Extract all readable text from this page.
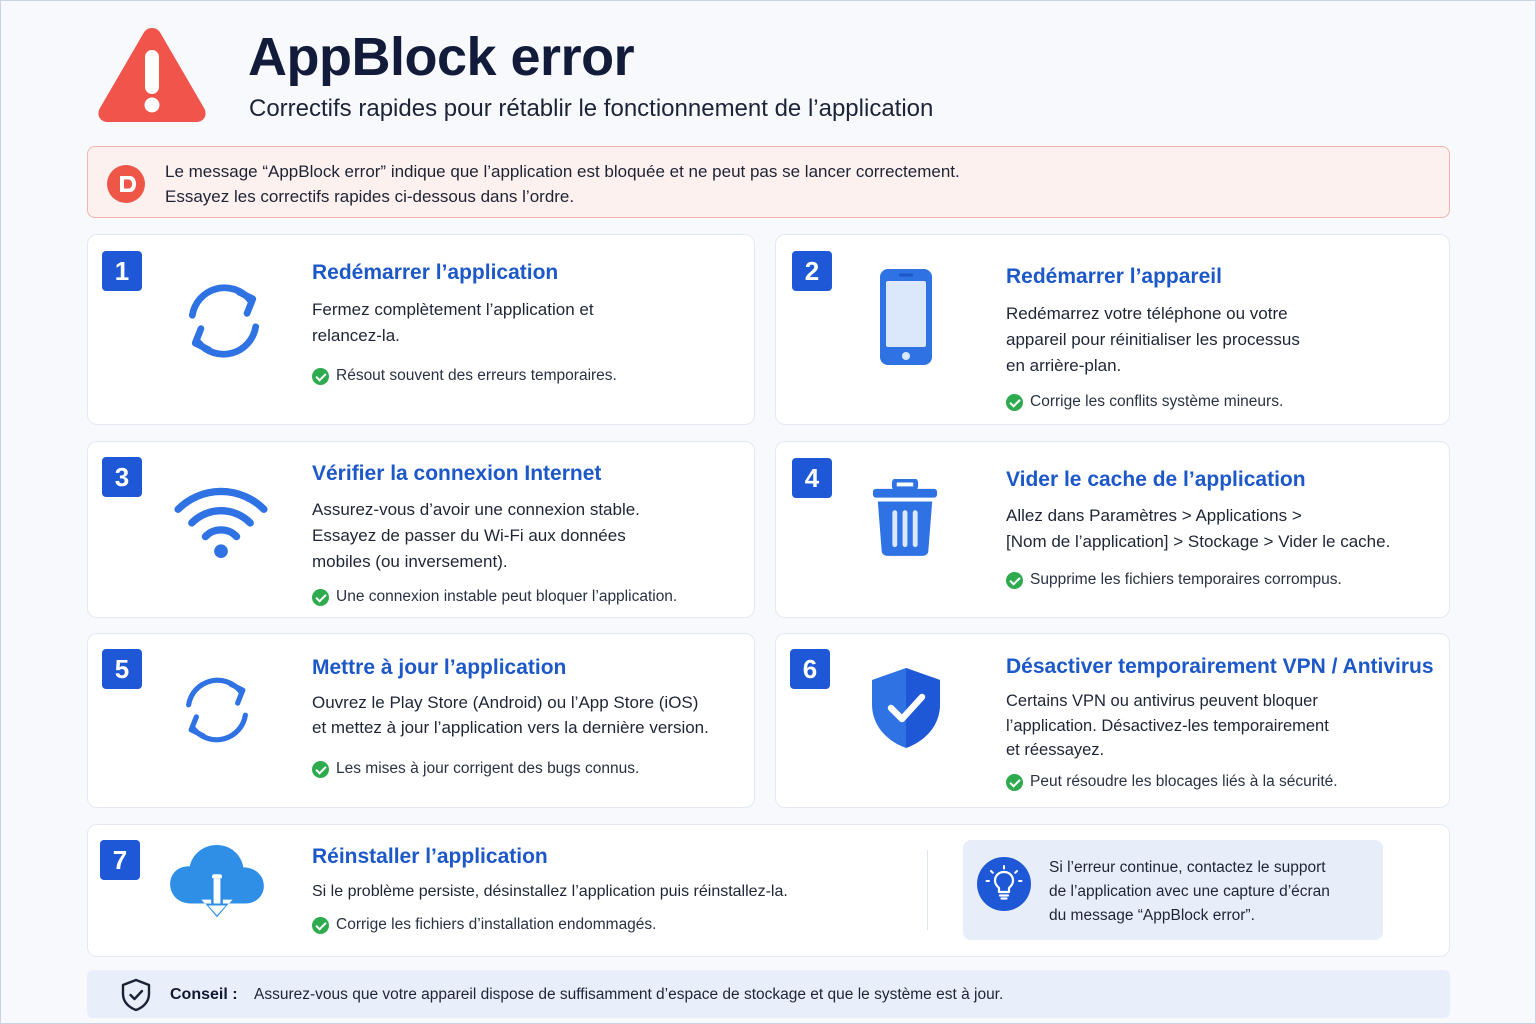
AppBlock error
Correctifs rapides pour rétablir le fonctionnement de l’application
Le message “AppBlock error” indique que l’application est bloquée et ne peut pas se lancer correctement.
Essayez les correctifs rapides ci-dessous dans l’ordre.
1	Redémarrer l’application
Fermez complètement l’application et
relancez-la.
Résout souvent des erreurs temporaires.
2	Redémarrer l’appareil
Redémarrez votre téléphone ou votre
appareil pour réinitialiser les processus
en arrière-plan.
Corrige les conflits système mineurs.
3	Vérifier la connexion Internet
Assurez-vous d’avoir une connexion stable.
Essayez de passer du Wi-Fi aux données
mobiles (ou inversement).
Une connexion instable peut bloquer l’application.
4	Vider le cache de l’application
Allez dans Paramètres > Applications >
[Nom de l’application] > Stockage > Vider le cache.
Supprime les fichiers temporaires corrompus.
5	Mettre à jour l’application
Ouvrez le Play Store (Android) ou l’App Store (iOS)
et mettez à jour l’application vers la dernière version.
Les mises à jour corrigent des bugs connus.
6	Désactiver temporairement VPN / Antivirus
Certains VPN ou antivirus peuvent bloquer
l’application. Désactivez-les temporairement
et réessayez.
Peut résoudre les blocages liés à la sécurité.
7	Réinstaller l’application
Si le problème persiste, désinstallez l’application puis réinstallez-la.
Corrige les fichiers d’installation endommagés.
Si l’erreur continue, contactez le support
de l’application avec une capture d’écran
du message “AppBlock error”.
Conseil : Assurez-vous que votre appareil dispose de suffisamment d’espace de stockage et que le système est à jour.
